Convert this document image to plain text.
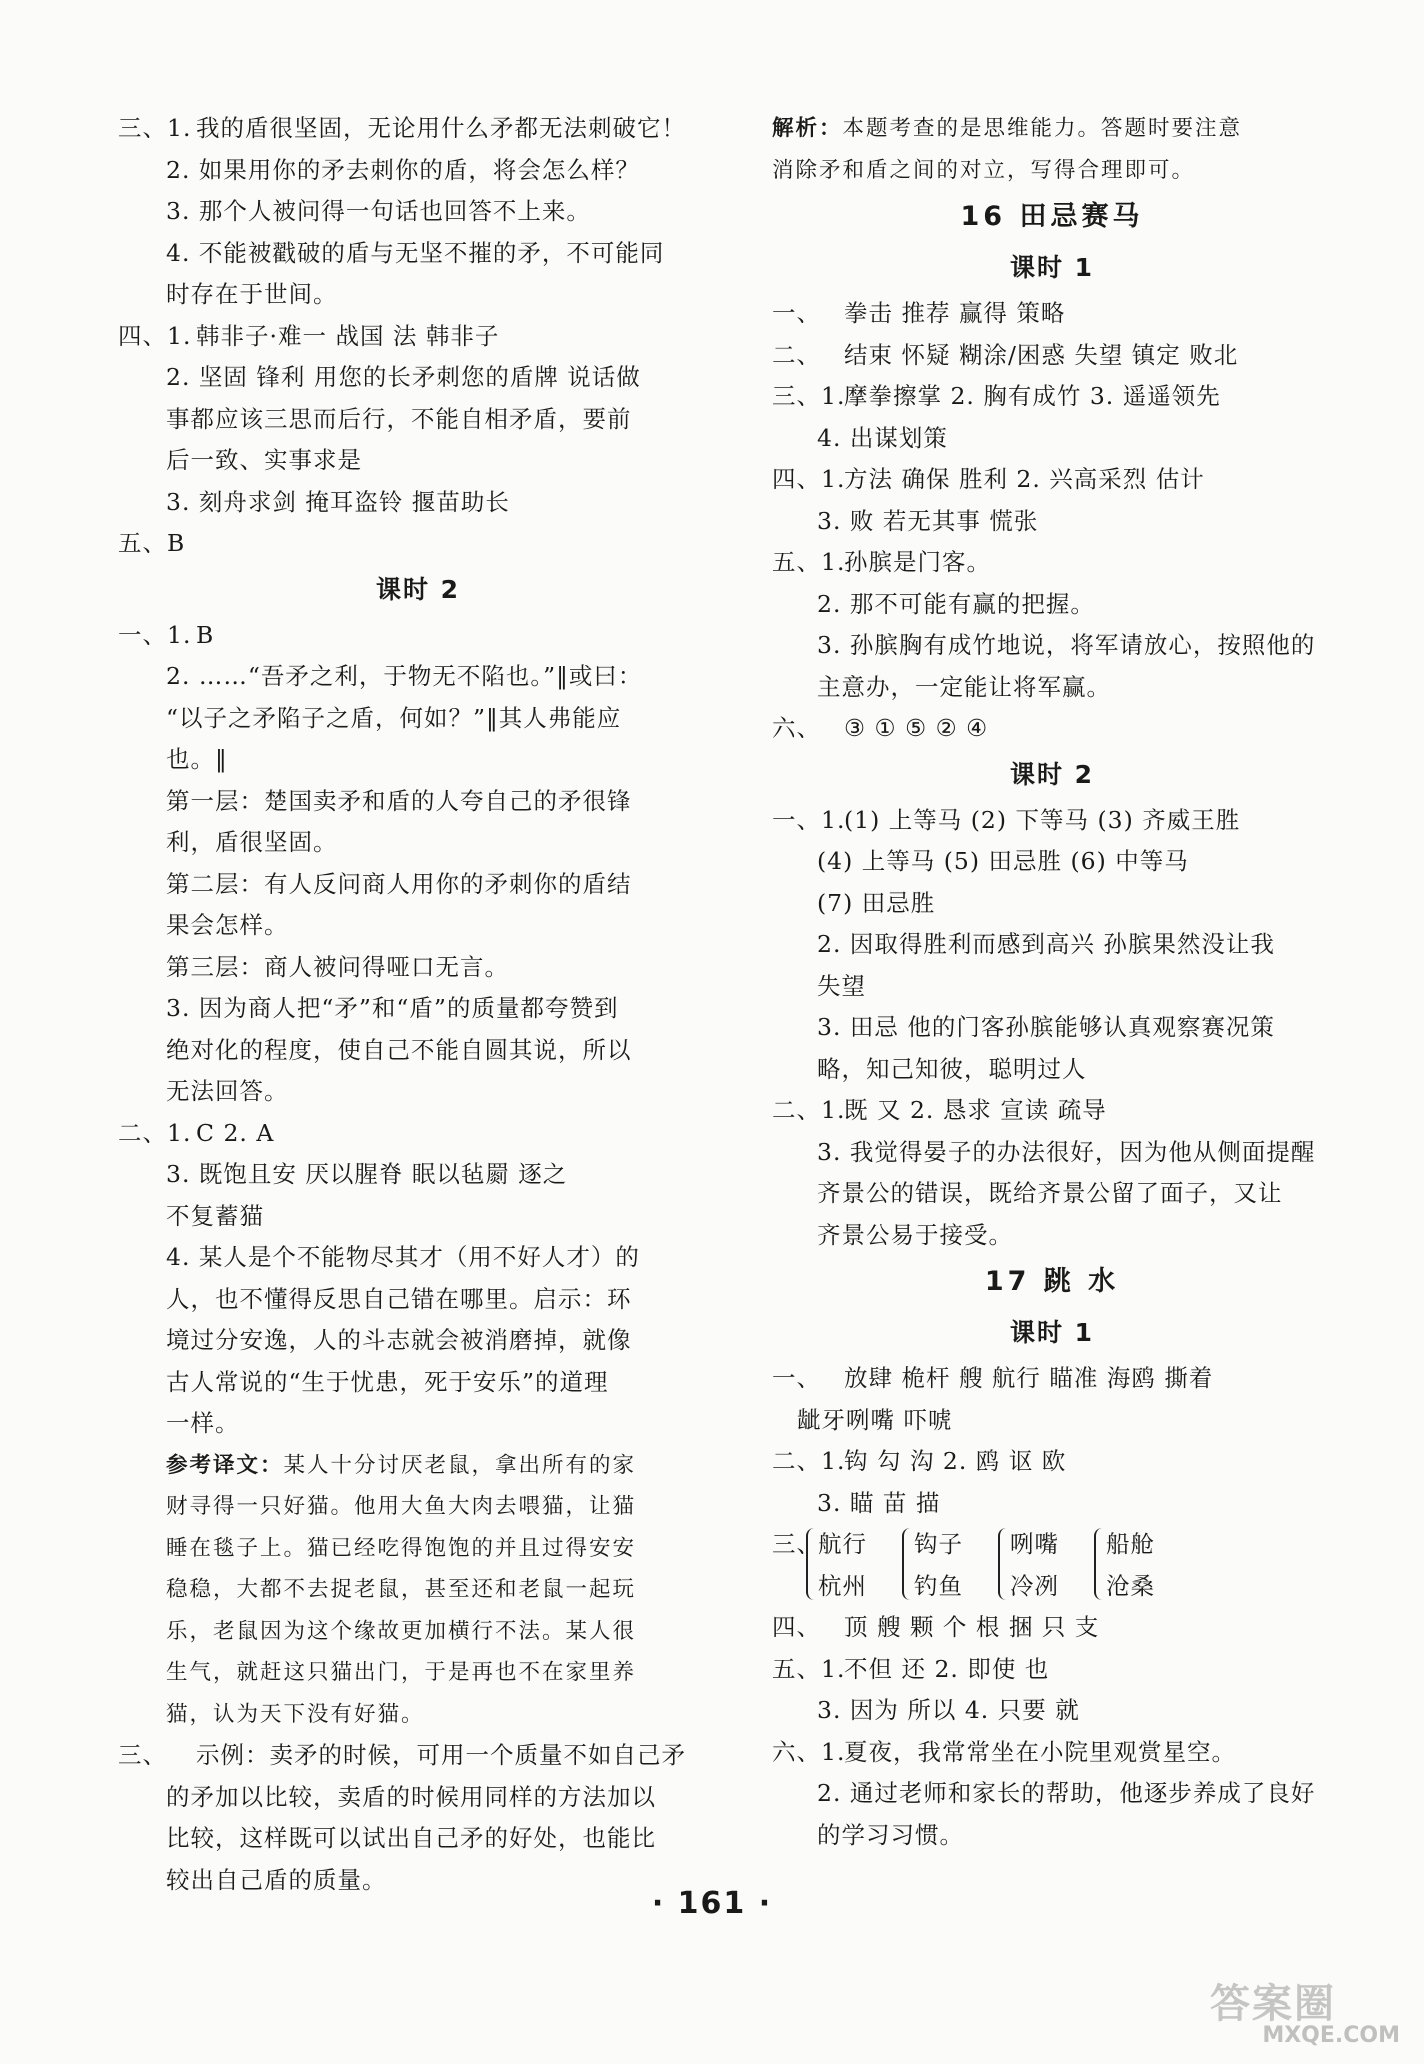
三、1. 我的盾很坚固，无论用什么矛都无法刺破它！
2. 如果用你的矛去刺你的盾，将会怎么样？
3. 那个人被问得一句话也回答不上来。
4. 不能被戳破的盾与无坚不摧的矛，不可能同
时存在于世间。
四、1. 韩非子·难一 战国 法 韩非子
2. 坚固 锋利 用您的长矛刺您的盾牌 说话做
事都应该三思而后行，不能自相矛盾，要前
后一致、实事求是
3. 刻舟求剑 掩耳盗铃 揠苗助长
五、B
课时 2
一、1. B
2. ……“吾矛之利，于物无不陷也。”‖或曰：
“以子之矛陷子之盾，何如？”‖其人弗能应
也。‖
第一层：楚国卖矛和盾的人夸自己的矛很锋
利，盾很坚固。
第二层：有人反问商人用你的矛刺你的盾结
果会怎样。
第三层：商人被问得哑口无言。
3. 因为商人把“矛”和“盾”的质量都夸赞到
绝对化的程度，使自己不能自圆其说，所以
无法回答。
二、1. C 2. A
3. 既饱且安 厌以腥脊 眠以毡罽 逐之
不复蓄猫
4. 某人是个不能物尽其才（用不好人才）的
人，也不懂得反思自己错在哪里。启示：环
境过分安逸，人的斗志就会被消磨掉，就像
古人常说的“生于忧患，死于安乐”的道理
一样。
参考译文：某人十分讨厌老鼠，拿出所有的家
财寻得一只好猫。他用大鱼大肉去喂猫，让猫
睡在毯子上。猫已经吃得饱饱的并且过得安安
稳稳，大都不去捉老鼠，甚至还和老鼠一起玩
乐，老鼠因为这个缘故更加横行不法。某人很
生气，就赶这只猫出门，于是再也不在家里养
猫，认为天下没有好猫。
三、 示例：卖矛的时候，可用一个质量不如自己矛
的矛加以比较，卖盾的时候用同样的方法加以
比较，这样既可以试出自己矛的好处，也能比
较出自己盾的质量。
解析：本题考查的是思维能力。答题时要注意
消除矛和盾之间的对立，写得合理即可。
16 田忌赛马
课时 1
一、 拳击 推荐 赢得 策略
二、 结束 怀疑 糊涂/困惑 失望 镇定 败北
三、1.
摩拳擦掌 2. 胸有成竹 3. 遥遥领先
4. 出谋划策
四、1.
方法 确保 胜利 2. 兴高采烈 估计
3. 败 若无其事 慌张
五、1.
孙膑是门客。
2. 那不可能有赢的把握。
3. 孙膑胸有成竹地说，将军请放心，按照他的
主意办，一定能让将军赢。
六、 ③ ① ⑤ ② ④
课时 2
一、1.
(1) 上等马 (2) 下等马 (3) 齐威王胜
(4) 上等马 (5) 田忌胜 (6) 中等马
(7) 田忌胜
2. 因取得胜利而感到高兴 孙膑果然没让我
失望
3. 田忌 他的门客孙膑能够认真观察赛况策
略，知己知彼，聪明过人
二、1.
既 又 2. 恳求 宣读 疏导
3. 我觉得晏子的办法很好，因为他从侧面提醒
齐景公的错误，既给齐景公留了面子，又让
齐景公易于接受。
17 跳 水
课时 1
一、 放肆 桅杆 艘 航行 瞄准 海鸥 撕着
龇牙咧嘴 吓唬
二、1.
钩 勾 沟 2. 鸥 讴 欧
3. 瞄 苗 描
三、
航行
杭州
钩子
钓鱼
咧嘴
冷冽
船舱
沧桑
四、 顶 艘 颗 个 根 捆 只 支
五、1.
不但 还 2. 即使 也
3. 因为 所以 4. 只要 就
六、1.
夏夜，我常常坐在小院里观赏星空。
2. 通过老师和家长的帮助，他逐步养成了良好
的学习习惯。
· 161 ·
答案圈
MXQE.COM
